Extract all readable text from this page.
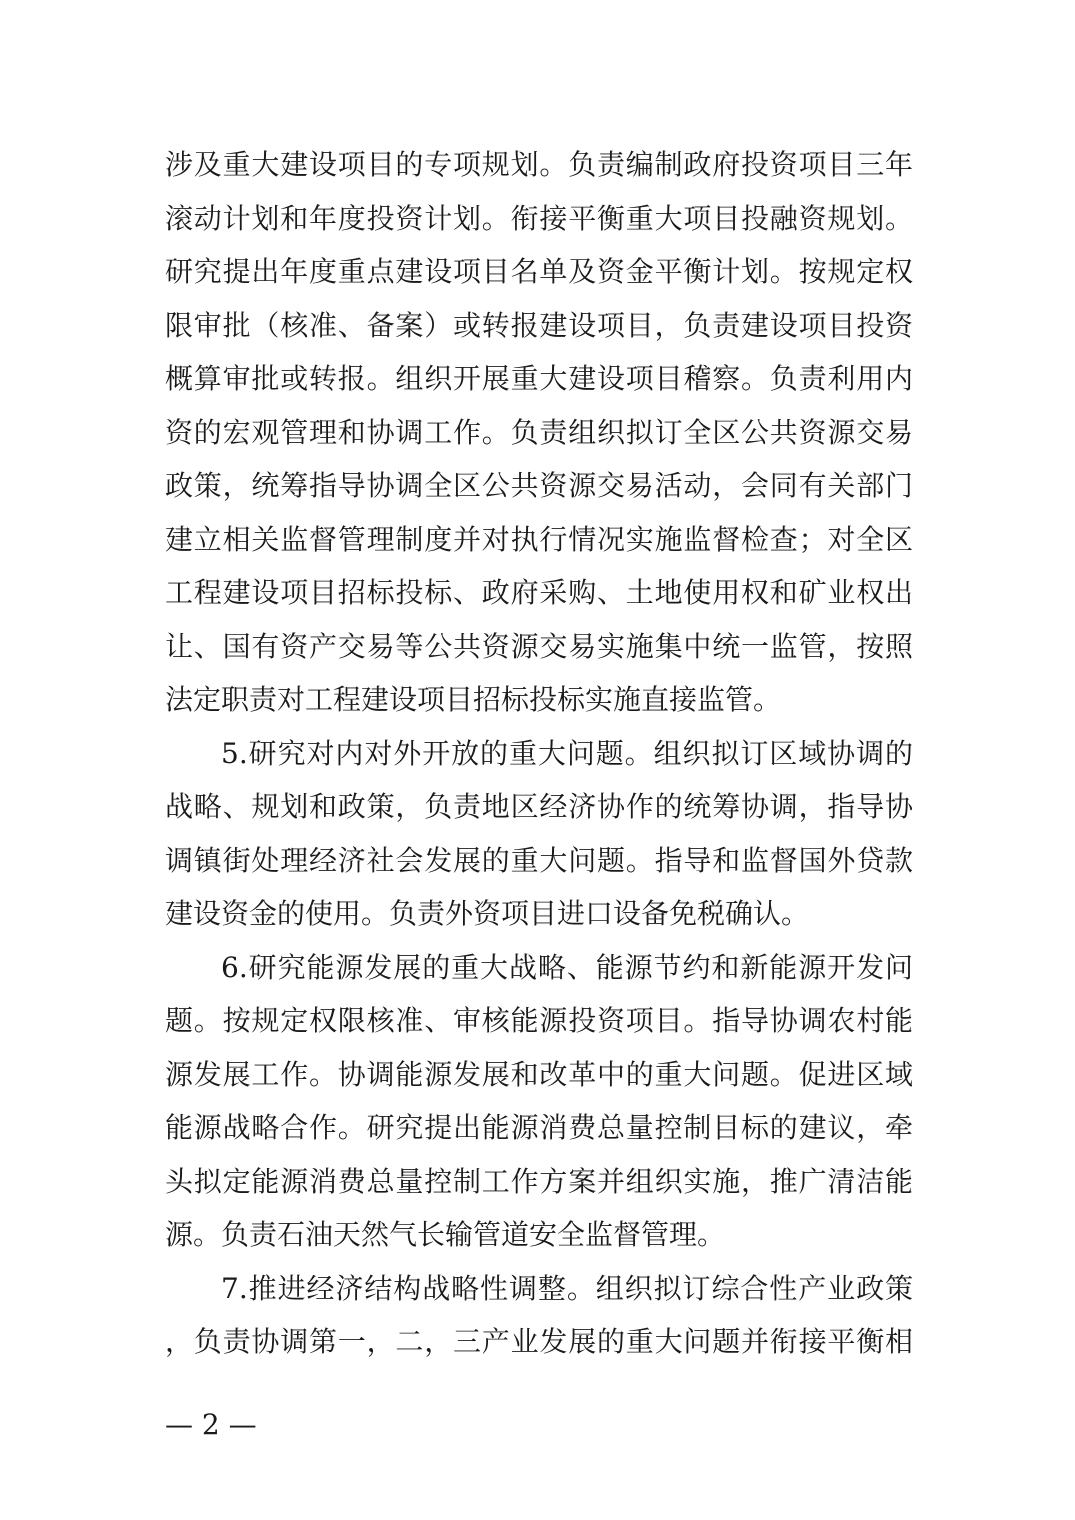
涉及重大建设项目的专项规划。负责编制政府投资项目三年
滚动计划和年度投资计划。衔接平衡重大项目投融资规划。
研究提出年度重点建设项目名单及资金平衡计划。按规定权
限审批（核准、备案）或转报建设项目，负责建设项目投资
概算审批或转报。组织开展重大建设项目稽察。负责利用内
资的宏观管理和协调工作。负责组织拟订全区公共资源交易
政策，统筹指导协调全区公共资源交易活动，会同有关部门
建立相关监督管理制度并对执行情况实施监督检查；对全区
工程建设项目招标投标、政府采购、土地使用权和矿业权出
让、国有资产交易等公共资源交易实施集中统一监管，按照
法定职责对工程建设项目招标投标实施直接监管。
5.研究对内对外开放的重大问题。组织拟订区域协调的
战略、规划和政策，负责地区经济协作的统筹协调，指导协
调镇街处理经济社会发展的重大问题。指导和监督国外贷款
建设资金的使用。负责外资项目进口设备免税确认。
6.研究能源发展的重大战略、能源节约和新能源开发问
题。按规定权限核准、审核能源投资项目。指导协调农村能
源发展工作。协调能源发展和改革中的重大问题。促进区域
能源战略合作。研究提出能源消费总量控制目标的建议，牵
头拟定能源消费总量控制工作方案并组织实施，推广清洁能
源。负责石油天然气长输管道安全监督管理。
7.推进经济结构战略性调整。组织拟订综合性产业政策
，负责协调第一，二，三产业发展的重大问题并衔接平衡相
— 2 —
